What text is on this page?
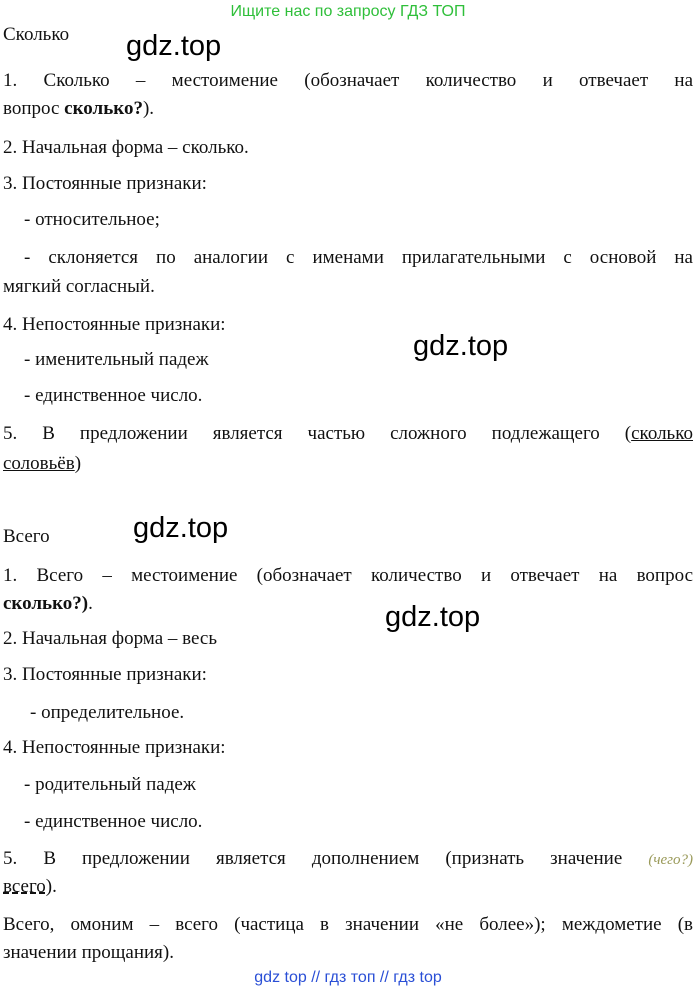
Ищите нас по запросу ГДЗ ТОП
gdz.top
gdz.top
gdz.top
gdz.top
Сколько
1. Сколько – местоимение (обозначает количество и отвечает на
вопрос сколько?).
2. Начальная форма – сколько.
3. Постоянные признаки:
- относительное;
- склоняется по аналогии с именами прилагательными с основой на
мягкий согласный.
4. Непостоянные признаки:
- именительный падеж
- единственное число.
5. В предложении является частью сложного подлежащего (сколько
соловьёв)
Всего
1. Всего – местоимение (обозначает количество и отвечает на вопрос
сколько?).
2. Начальная форма – весь
3. Постоянные признаки:
- определительное.
4. Непостоянные признаки:
- родительный падеж
- единственное число.
5. В предложении является дополнением (признать значение (чего?)
всего).
Всего, омоним – всего (частица в значении «не более»); междометие (в
значении прощания).
gdz top // гдз топ // гдз top
